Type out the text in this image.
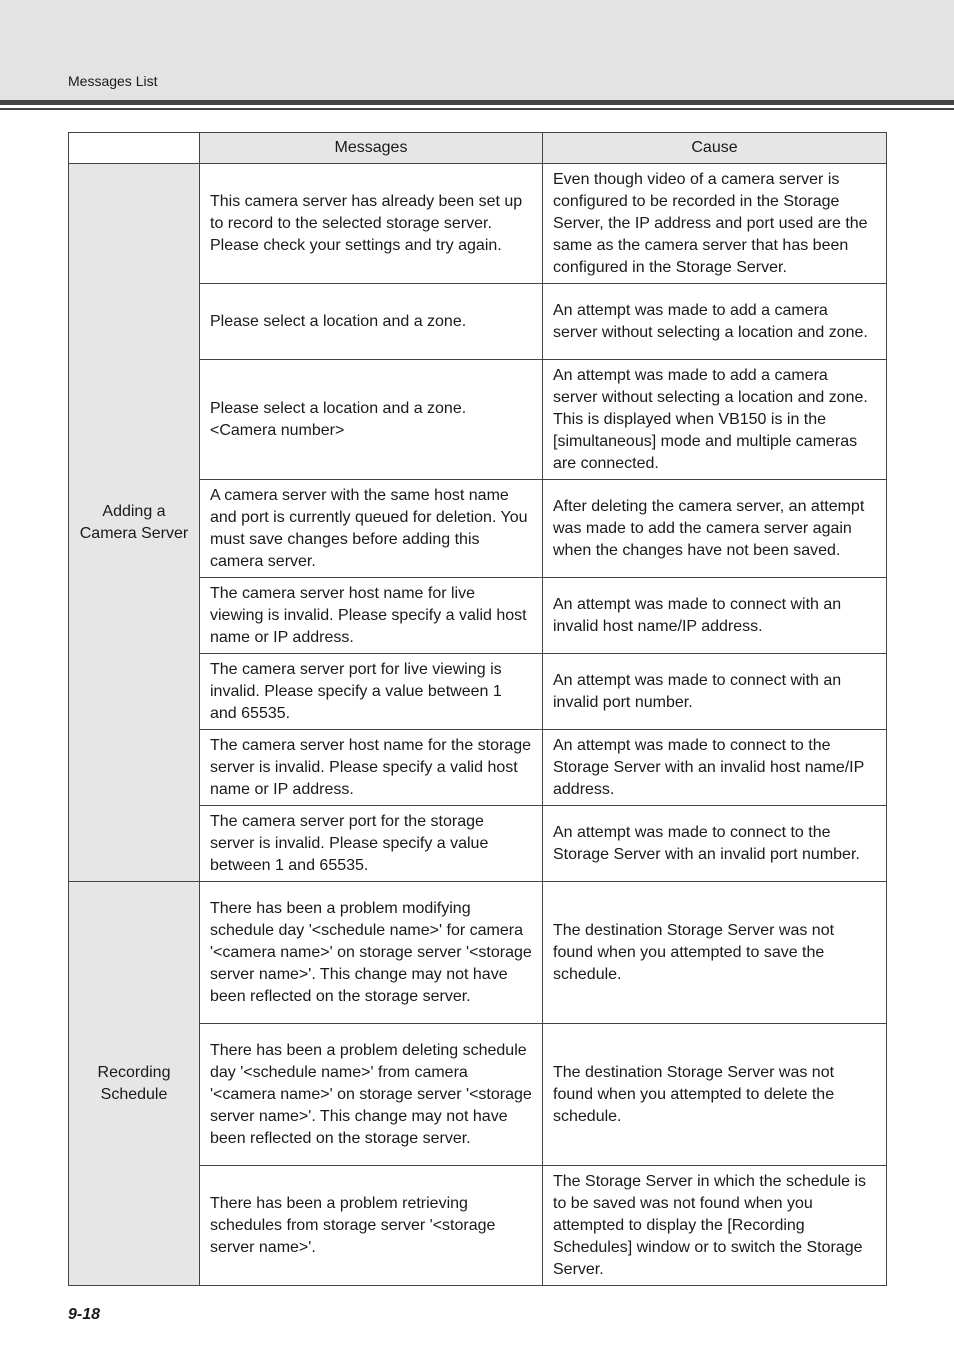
Messages List
	Messages	Cause
Adding a Camera Server	This camera server has already been set up to record to the selected storage server. Please check your settings and try again.	Even though video of a camera server is configured to be recorded in the Storage Server, the IP address and port used are the same as the camera server that has been configured in the Storage Server.
	Please select a location and a zone.	An attempt was made to add a camera server without selecting a location and zone.
	Please select a location and a zone. <Camera number>	An attempt was made to add a camera server without selecting a location and zone. This is displayed when VB150 is in the [simultaneous] mode and multiple cameras are connected.
	A camera server with the same host name and port is currently queued for deletion. You must save changes before adding this camera server.	After deleting the camera server, an attempt was made to add the camera server again when the changes have not been saved.
	The camera server host name for live viewing is invalid. Please specify a valid host name or IP address.	An attempt was made to connect with an invalid host name/IP address.
	The camera server port for live viewing is invalid. Please specify a value between 1 and 65535.	An attempt was made to connect with an invalid port number.
	The camera server host name for the storage server is invalid. Please specify a valid host name or IP address.	An attempt was made to connect to the Storage Server with an invalid host name/IP address.
	The camera server port for the storage server is invalid. Please specify a value between 1 and 65535.	An attempt was made to connect to the Storage Server with an invalid port number.
Recording Schedule	There has been a problem modifying schedule day '<schedule name>' for camera '<camera name>' on storage server '<storage server name>'. This change may not have been reflected on the storage server.	The destination Storage Server was not found when you attempted to save the schedule.
	There has been a problem deleting schedule day '<schedule name>' from camera '<camera name>' on storage server '<storage server name>'. This change may not have been reflected on the storage server.	The destination Storage Server was not found when you attempted to delete the schedule.
	There has been a problem retrieving schedules from storage server '<storage server name>'.	The Storage Server in which the schedule is to be saved was not found when you attempted to display the [Recording Schedules] window or to switch the Storage Server.
9-18
